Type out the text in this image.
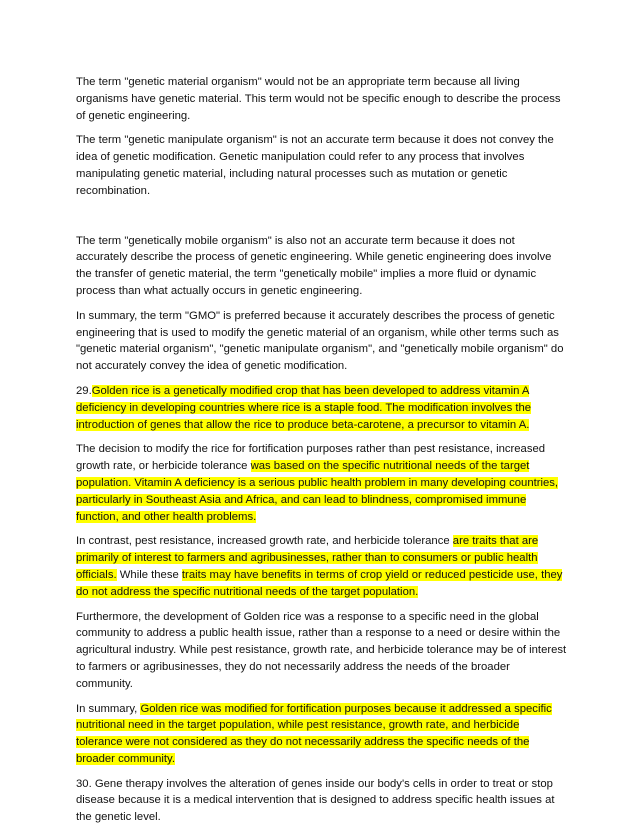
The term "genetic material organism" would not be an appropriate term because all living organisms have genetic material. This term would not be specific enough to describe the process of genetic engineering.

The term "genetic manipulate organism" is not an accurate term because it does not convey the idea of genetic modification. Genetic manipulation could refer to any process that involves manipulating genetic material, including natural processes such as mutation or genetic recombination.

The term "genetically mobile organism" is also not an accurate term because it does not accurately describe the process of genetic engineering. While genetic engineering does involve the transfer of genetic material, the term "genetically mobile" implies a more fluid or dynamic process than what actually occurs in genetic engineering.

In summary, the term "GMO" is preferred because it accurately describes the process of genetic engineering that is used to modify the genetic material of an organism, while other terms such as "genetic material organism", "genetic manipulate organism", and "genetically mobile organism" do not accurately convey the idea of genetic modification.

29.Golden rice is a genetically modified crop that has been developed to address vitamin A deficiency in developing countries where rice is a staple food. The modification involves the introduction of genes that allow the rice to produce beta-carotene, a precursor to vitamin A.

The decision to modify the rice for fortification purposes rather than pest resistance, increased growth rate, or herbicide tolerance was based on the specific nutritional needs of the target population. Vitamin A deficiency is a serious public health problem in many developing countries, particularly in Southeast Asia and Africa, and can lead to blindness, compromised immune function, and other health problems.

In contrast, pest resistance, increased growth rate, and herbicide tolerance are traits that are primarily of interest to farmers and agribusinesses, rather than to consumers or public health officials. While these traits may have benefits in terms of crop yield or reduced pesticide use, they do not address the specific nutritional needs of the target population.

Furthermore, the development of Golden rice was a response to a specific need in the global community to address a public health issue, rather than a response to a need or desire within the agricultural industry. While pest resistance, growth rate, and herbicide tolerance may be of interest to farmers or agribusinesses, they do not necessarily address the needs of the broader community.

In summary, Golden rice was modified for fortification purposes because it addressed a specific nutritional need in the target population, while pest resistance, growth rate, and herbicide tolerance were not considered as they do not necessarily address the specific needs of the broader community.

30. Gene therapy involves the alteration of genes inside our body's cells in order to treat or stop disease because it is a medical intervention that is designed to address specific health issues at the genetic level.
